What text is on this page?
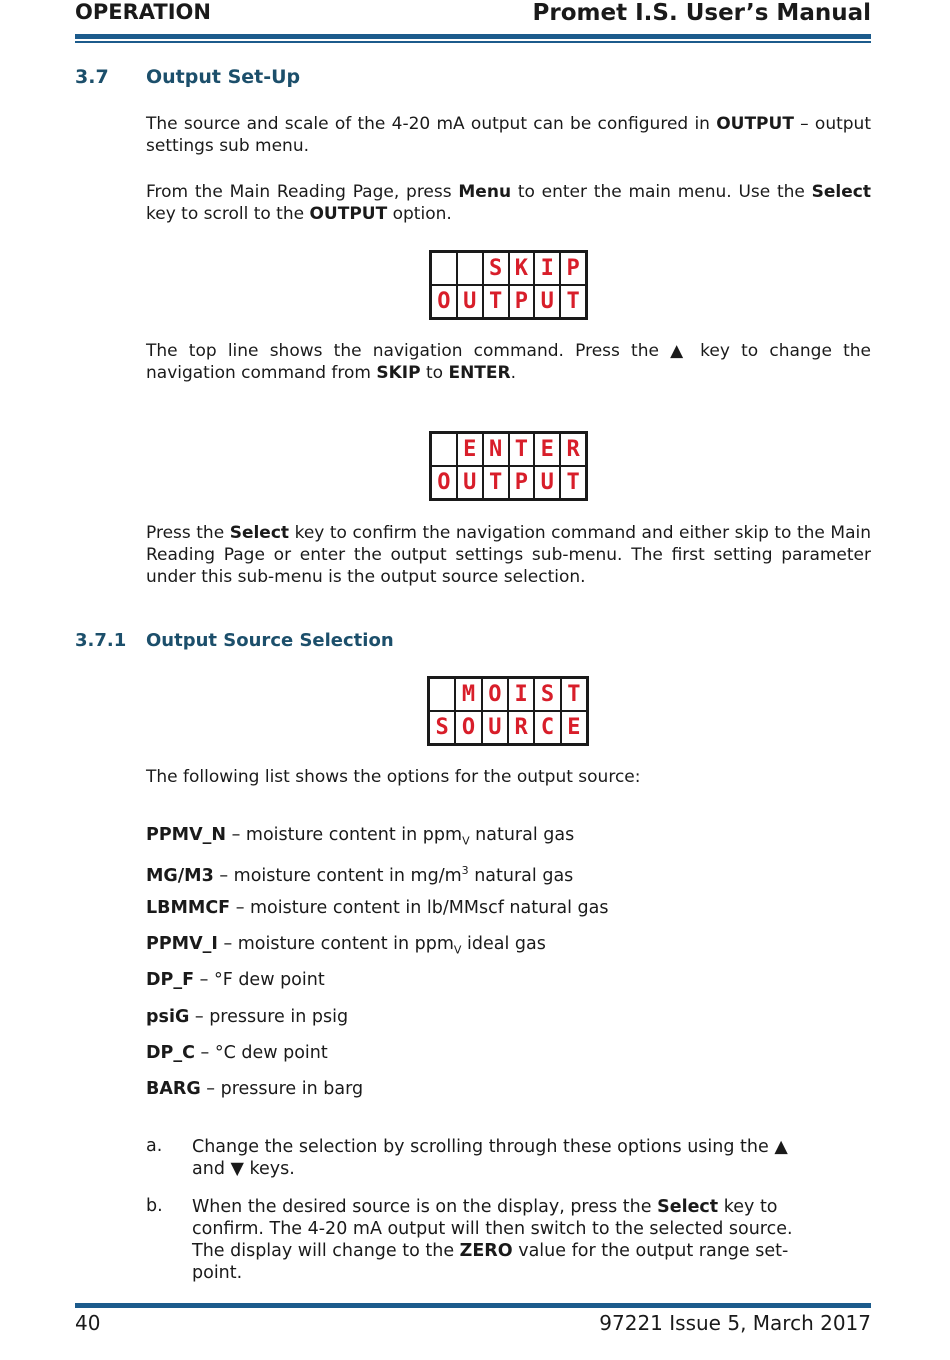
OPERATION	Promet I.S. User’s Manual
3.7 Output Set-Up

The source and scale of the 4-20 mA output can be configured in OUTPUT – output settings sub menu.

From the Main Reading Page, press Menu to enter the main menu. Use the Select key to scroll to the OUTPUT option.

S K I P
O U T P U T

The top line shows the navigation command. Press the ▲ key to change the navigation command from SKIP to ENTER.

E N T E R
O U T P U T

Press the Select key to confirm the navigation command and either skip to the Main Reading Page or enter the output settings sub-menu. The first setting parameter under this sub-menu is the output source selection.

3.7.1 Output Source Selection
M O I S T
S O U R C E

The following list shows the options for the output source:

PPMV_N – moisture content in ppm$_V$ natural gas
MG/M3 – moisture content in $mg/m^3$ natural gas
LBMMCF – moisture content in lb/MMscf natural gas
PPMV_I – moisture content in ppm$_V$ ideal gas
DP_F – °F dew point
psiG – pressure in psig
DP_C – °C dew point
BARG – pressure in barg
a. Change the selection by scrolling through these options using the ▲ and ▼ keys.

b. When the desired source is on the display, press the Select key to confirm. The 4-20 mA output will then switch to the selected source. The display will change to the ZERO value for the output range set-point.

40	97221 Issue 5, March 2017
